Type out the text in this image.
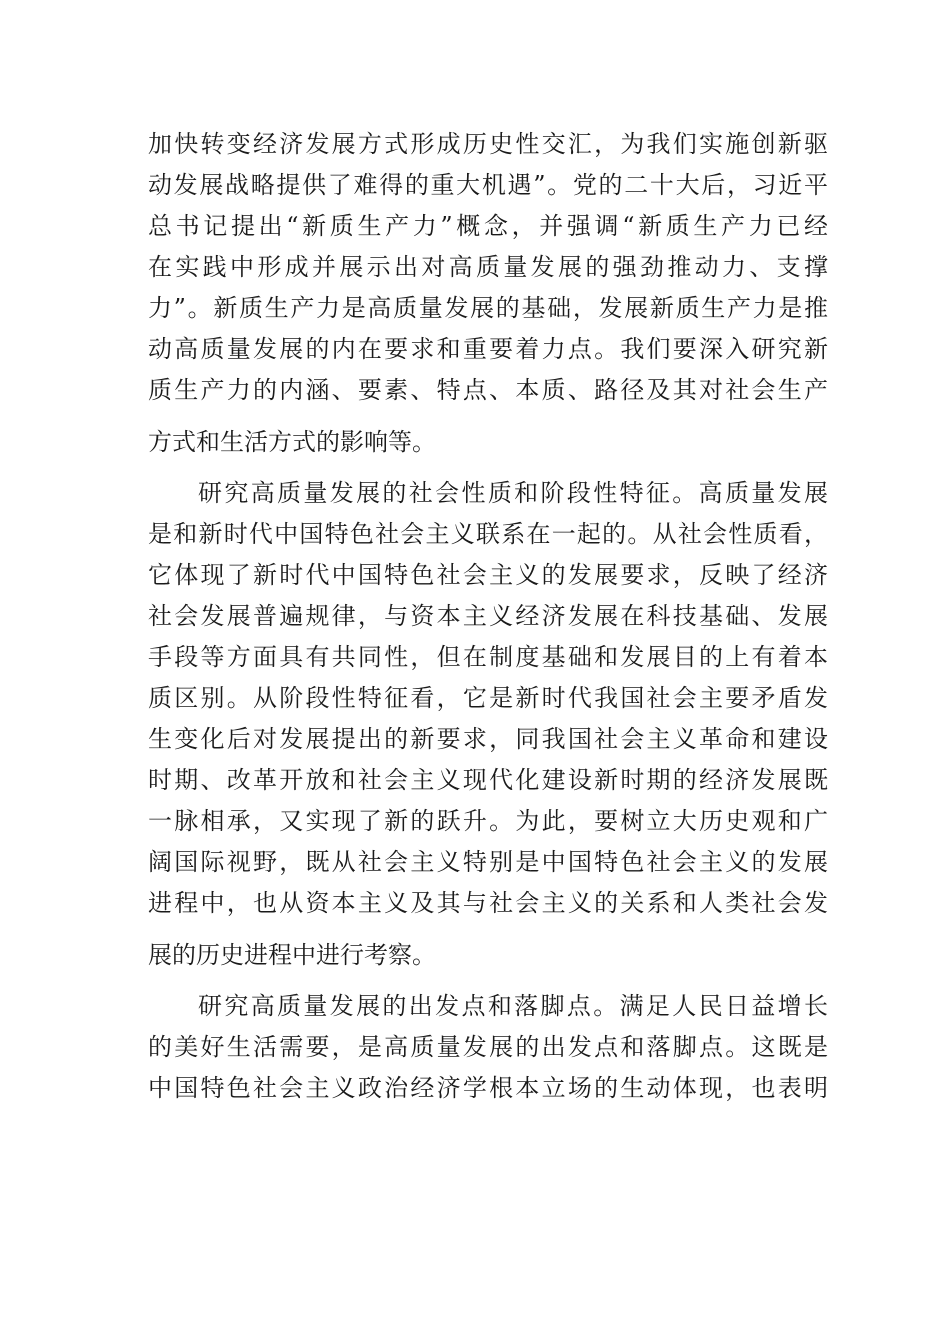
加快转变经济发展方式形成历史性交汇，为我们实施创新驱
动发展战略提供了难得的重大机遇”。党的二十大后，习近平
总书记提出“新质生产力”概念，并强调“新质生产力已经
在实践中形成并展示出对高质量发展的强劲推动力、支撑
力”。新质生产力是高质量发展的基础，发展新质生产力是推
动高质量发展的内在要求和重要着力点。我们要深入研究新
质生产力的内涵、要素、特点、本质、路径及其对社会生产
方式和生活方式的影响等。
研究高质量发展的社会性质和阶段性特征。高质量发展
是和新时代中国特色社会主义联系在一起的。从社会性质看，
它体现了新时代中国特色社会主义的发展要求，反映了经济
社会发展普遍规律，与资本主义经济发展在科技基础、发展
手段等方面具有共同性，但在制度基础和发展目的上有着本
质区别。从阶段性特征看，它是新时代我国社会主要矛盾发
生变化后对发展提出的新要求，同我国社会主义革命和建设
时期、改革开放和社会主义现代化建设新时期的经济发展既
一脉相承，又实现了新的跃升。为此，要树立大历史观和广
阔国际视野，既从社会主义特别是中国特色社会主义的发展
进程中，也从资本主义及其与社会主义的关系和人类社会发
展的历史进程中进行考察。
研究高质量发展的出发点和落脚点。满足人民日益增长
的美好生活需要，是高质量发展的出发点和落脚点。这既是
中国特色社会主义政治经济学根本立场的生动体现，也表明
